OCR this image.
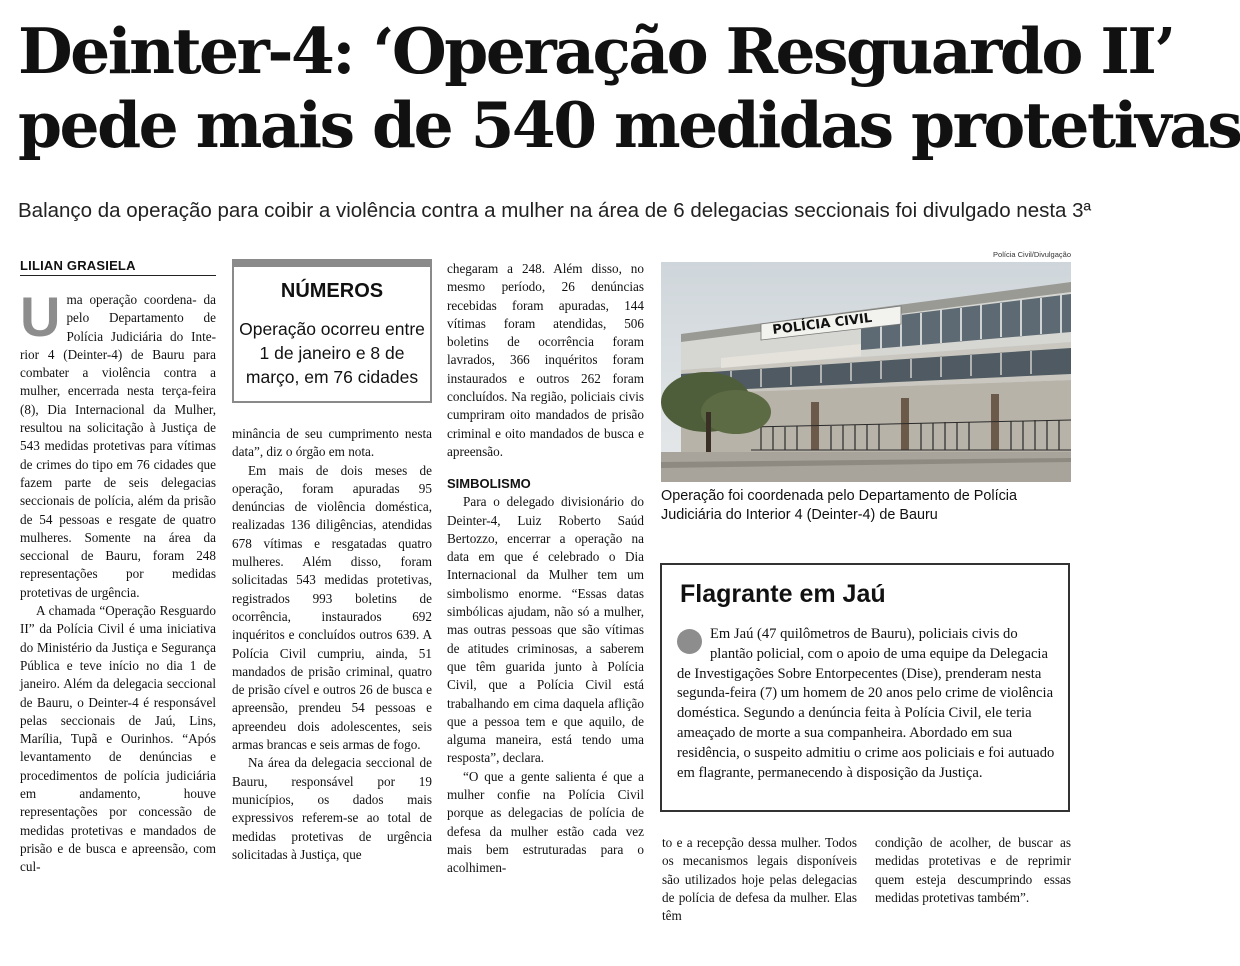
Deinter-4: ‘Operação Resguardo II’
pede mais de 540 medidas protetivas
Balanço da operação para coibir a violência contra a mulher na área de 6 delegacias seccionais foi divulgado nesta 3ª
LILIAN GRASIELA
U ma operação coordena- da pelo Departamento de Polícia Judiciária do Inte- rior 4 (Deinter-4) de Bauru para combater a violência contra a mulher, encerrada nesta terça-feira (8), Dia Internacional da Mulher, resultou na solicitação à Justiça de 543 medidas protetivas para vítimas de crimes do tipo em 76 cidades que fazem parte de seis delegacias seccionais de polícia, além da prisão de 54 pessoas e resgate de quatro mulheres. Somente na área da seccional de Bauru, foram 248 representações por medidas protetivas de urgência.

A chamada “Operação Resguardo II” da Polícia Civil é uma iniciativa do Ministério da Justiça e Segurança Pública e teve início no dia 1 de janeiro. Além da delegacia seccional de Bauru, o Deinter-4 é responsável pelas seccionais de Jaú, Lins, Marília, Tupã e Ourinhos. “Após levantamento de denúncias e procedimentos de polícia judiciária em andamento, houve representações por concessão de medidas protetivas e mandados de prisão e de busca e apreensão, com cul-

NÚMEROS
Operação ocorreu entre
1 de janeiro e 8 de
março, em 76 cidades

minância de seu cumprimento nesta data”, diz o órgão em nota.

Em mais de dois meses de operação, foram apuradas 95 denúncias de violência doméstica, realizadas 136 diligências, atendidas 678 vítimas e resgatadas quatro mulheres. Além disso, foram solicitadas 543 medidas protetivas, registrados 993 boletins de ocorrência, instaurados 692 inquéritos e concluídos outros 639. A Polícia Civil cumpriu, ainda, 51 mandados de prisão criminal, quatro de prisão cível e outros 26 de busca e apreensão, prendeu 54 pessoas e apreendeu dois adolescentes, seis armas brancas e seis armas de fogo.

Na área da delegacia seccional de Bauru, responsável por 19 municípios, os dados mais expressivos referem-se ao total de medidas protetivas de urgência solicitadas à Justiça, que

chegaram a 248. Além disso, no mesmo período, 26 denúncias recebidas foram apuradas, 144 vítimas foram atendidas, 506 boletins de ocorrência foram lavrados, 366 inquéritos foram instaurados e outros 262 foram concluídos. Na região, policiais civis cumpriram oito mandados de prisão criminal e oito mandados de busca e apreensão.

SIMBOLISMO

Para o delegado divisionário do Deinter-4, Luiz Roberto Saúd Bertozzo, encerrar a operação na data em que é celebrado o Dia Internacional da Mulher tem um simbolismo enorme. “Essas datas simbólicas ajudam, não só a mulher, mas outras pessoas que são vítimas de atitudes criminosas, a saberem que têm guarida junto à Polícia Civil, que a Polícia Civil está trabalhando em cima daquela aflição que a pessoa tem e que aquilo, de alguma maneira, está tendo uma resposta”, declara.

“O que a gente salienta é que a mulher confie na Polícia Civil porque as delegacias de polícia de defesa da mulher estão cada vez mais bem estruturadas para o acolhimen-

Polícia Civil/Divulgação
POLÍCIA CIVIL
Operação foi coordenada pelo Departamento de Polícia Judiciária do Interior 4 (Deinter-4) de Bauru
Flagrante em Jaú
Em Jaú (47 quilômetros de Bauru), policiais civis do plantão policial, com o apoio de uma equipe da Delegacia de Investigações Sobre Entorpecentes (Dise), prenderam nesta segunda-feira (7) um homem de 20 anos pelo crime de violência doméstica. Segundo a denúncia feita à Polícia Civil, ele teria ameaçado de morte a sua companheira. Abordado em sua residência, o suspeito admitiu o crime aos policiais e foi autuado em flagrante, permanecendo à disposição da Justiça.

to e a recepção dessa mulher. Todos os mecanismos legais disponíveis são utilizados hoje pelas delegacias de polícia de defesa da mulher. Elas têm

condição de acolher, de buscar as medidas protetivas e de reprimir quem esteja descumprindo essas medidas protetivas também”.
